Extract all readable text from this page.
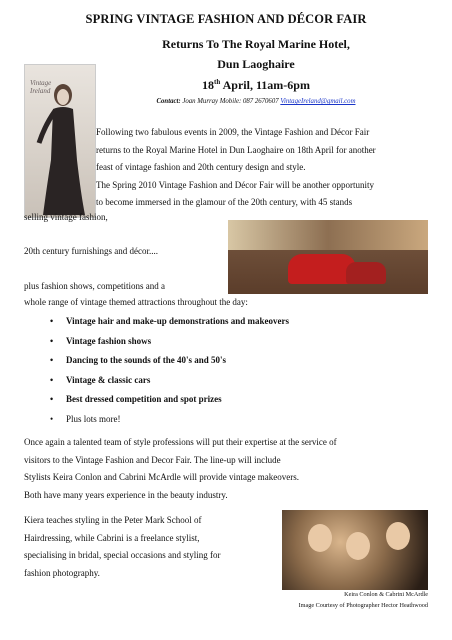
SPRING VINTAGE FASHION AND DÉCOR FAIR
Returns To The Royal Marine Hotel,
Dun Laoghaire
18th April, 11am-6pm
Contact: Joan Murray Mobile: 087 2670607 VintageIreland@gmail.com
Vintage
Ireland
Following two fabulous events in 2009, the Vintage Fashion and Décor Fair
returns to the Royal Marine Hotel in Dun Laoghaire on 18th April for another
feast of vintage fashion and 20th century design and style.
The Spring 2010 Vintage Fashion and Décor Fair will be another opportunity
to become immersed in the glamour of the 20th century, with 45 stands
selling vintage fashion,
20th century furnishings and décor....
plus fashion shows, competitions and a
whole range of vintage themed attractions throughout the day:
• Vintage hair and make-up demonstrations and makeovers
• Vintage fashion shows
• Dancing to the sounds of the 40's and 50's
• Vintage & classic cars
• Best dressed competition and spot prizes
• Plus lots more!
Once again a talented team of style professions will put their expertise at the service of
visitors to the Vintage Fashion and Decor Fair. The line-up will include
Stylists Keira Conlon and Cabrini McArdle will provide vintage makeovers.
Both have many years experience in the beauty industry.
Kiera teaches styling in the Peter Mark School of
Hairdressing, while Cabrini is a freelance stylist,
specialising in bridal, special occasions and styling for
fashion photography.
Keira Conlon & Cabrini McArdle
Image Courtesy of Photographer Hector Heathwood
